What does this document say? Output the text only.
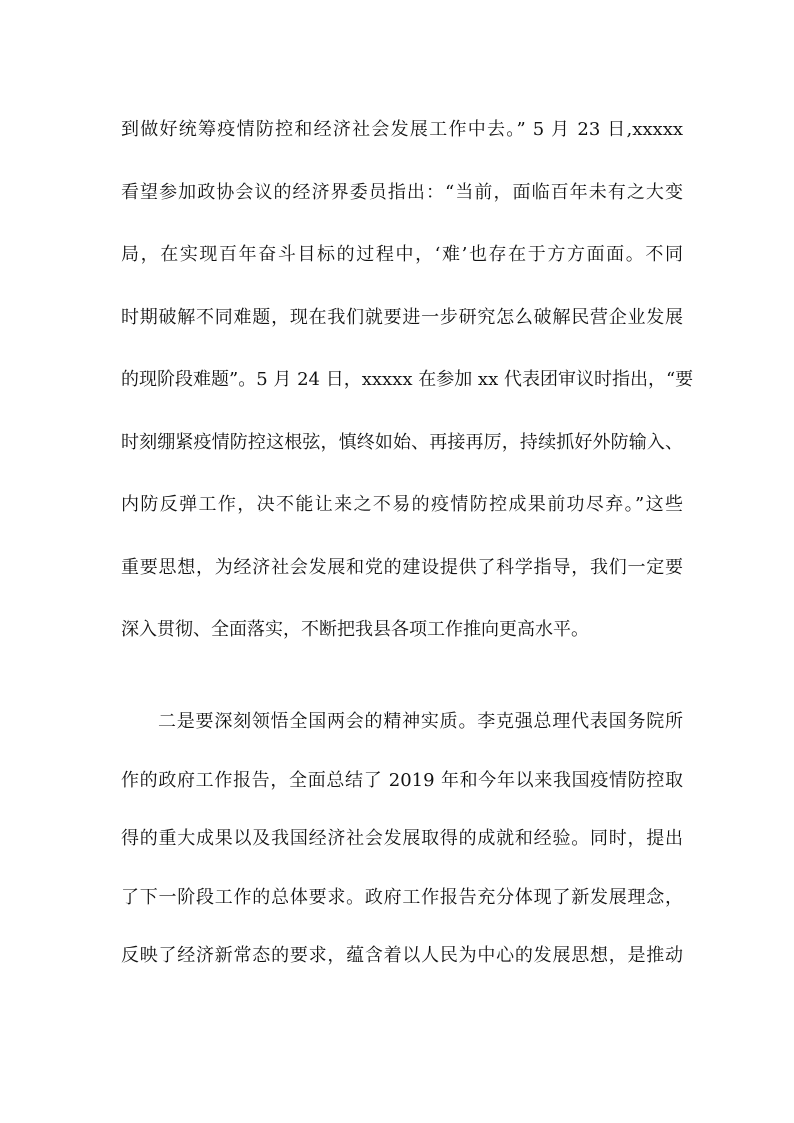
到做好统筹疫情防控和经济社会发展工作中去。” 5 月 23 日,xxxxx
看望参加政协会议的经济界委员指出：“当前，面临百年未有之大变
局，在实现百年奋斗目标的过程中，‘难’也存在于方方面面。不同
时期破解不同难题，现在我们就要进一步研究怎么破解民营企业发展
的现阶段难题”。5 月 24 日，xxxxx 在参加 xx 代表团审议时指出，“要
时刻绷紧疫情防控这根弦，慎终如始、再接再厉，持续抓好外防输入、
内防反弹工作，决不能让来之不易的疫情防控成果前功尽弃。”这些
重要思想，为经济社会发展和党的建设提供了科学指导，我们一定要
深入贯彻、全面落实，不断把我县各项工作推向更高水平。
二是要深刻领悟全国两会的精神实质。李克强总理代表国务院所
作的政府工作报告，全面总结了 2019 年和今年以来我国疫情防控取
得的重大成果以及我国经济社会发展取得的成就和经验。同时，提出
了下一阶段工作的总体要求。政府工作报告充分体现了新发展理念，
反映了经济新常态的要求，蕴含着以人民为中心的发展思想，是推动
